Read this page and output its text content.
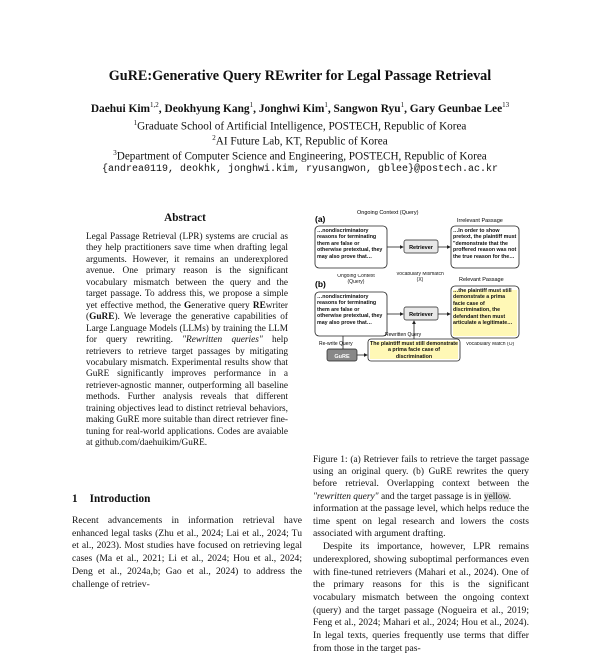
GuRE:Generative Query REwriter for Legal Passage Retrieval
Daehui Kim$^{1,2}$, Deokhyung Kang$^1$, Jonghwi Kim$^1$, Sangwon Ryu$^1$, Gary Geunbae Lee$^{13}$
$^1$Graduate School of Artificial Intelligence, POSTECH, Republic of Korea
$^2$AI Future Lab, KT, Republic of Korea
$^3$Department of Computer Science and Engineering, POSTECH, Republic of Korea
{andrea0119, deokhk, jonghwi.kim, ryusangwon, gblee}@postech.ac.kr
Abstract
Legal Passage Retrieval (LPR) systems are crucial as they help practitioners save time when drafting legal arguments. However, it remains an underexplored avenue. One primary reason is the significant vocabulary mismatch between the query and the target passage. To address this, we propose a simple yet effective method, the Generative query REwriter (GuRE). We leverage the generative capabilities of Large Language Models (LLMs) by training the LLM for query rewriting. "Rewritten queries" help retrievers to retrieve target passages by mitigating vocabulary mismatch. Experimental results show that GuRE significantly improves performance in a retriever-agnostic manner, outperforming all baseline methods. Further analysis reveals that different training objectives lead to distinct retrieval behaviors, making GuRE more suitable than direct retriever fine-tuning for real-world applications. Codes are avaiable at github.com/daehuikim/GuRE.
1 Introduction
Recent advancements in information retrieval have enhanced legal tasks (Zhu et al., 2024; Lai et al., 2024; Tu et al., 2023). Most studies have focused on retrieving legal cases (Ma et al., 2021; Li et al., 2024; Hou et al., 2024; Deng et al., 2024a,b; Gao et al., 2024) to address the challenge of retriev-
(a)
Ongoing Context (Query)
…nondiscriminatory reasons for terminating them are false or otherwise pretextual, they may also prove that…
Retriever
Irrelevant Passage
…In order to show pretext, the plaintiff must "demonstrate that the proffered reason was not the true reason for the…
(b)
Ongoing Context (Query)
Vocabulary Mismatch (X)	Relevant Passage
…nondiscriminatory reasons for terminating them are false or otherwise pretextual, they may also prove that…
Retriever
…the plaintiff must still demonstrate a prima facie case of discrimination, the defendant then must articulate a legitimate…
Re-write Query
GuRE
Rewritten Query
The plaintiff must still demonstrate a prima facie case of discrimination
Vocabulary Match (O)
Figure 1: (a) Retriever fails to retrieve the target passage using an original query. (b) GuRE rewrites the query before retrieval. Overlapping context between the "rewritten query" and the target passage is in yellow.

information at the passage level, which helps reduce the time spent on legal research and lowers the costs associated with argument drafting.

Despite its importance, however, LPR remains underexplored, showing suboptimal performances even with fine-tuned retrievers (Mahari et al., 2024). One of the primary reasons for this is the significant vocabulary mismatch between the ongoing context (query) and the target passage (Nogueira et al., 2019; Feng et al., 2024; Mahari et al., 2024; Hou et al., 2024). In legal texts, queries frequently use terms that differ from those in the target pas-
